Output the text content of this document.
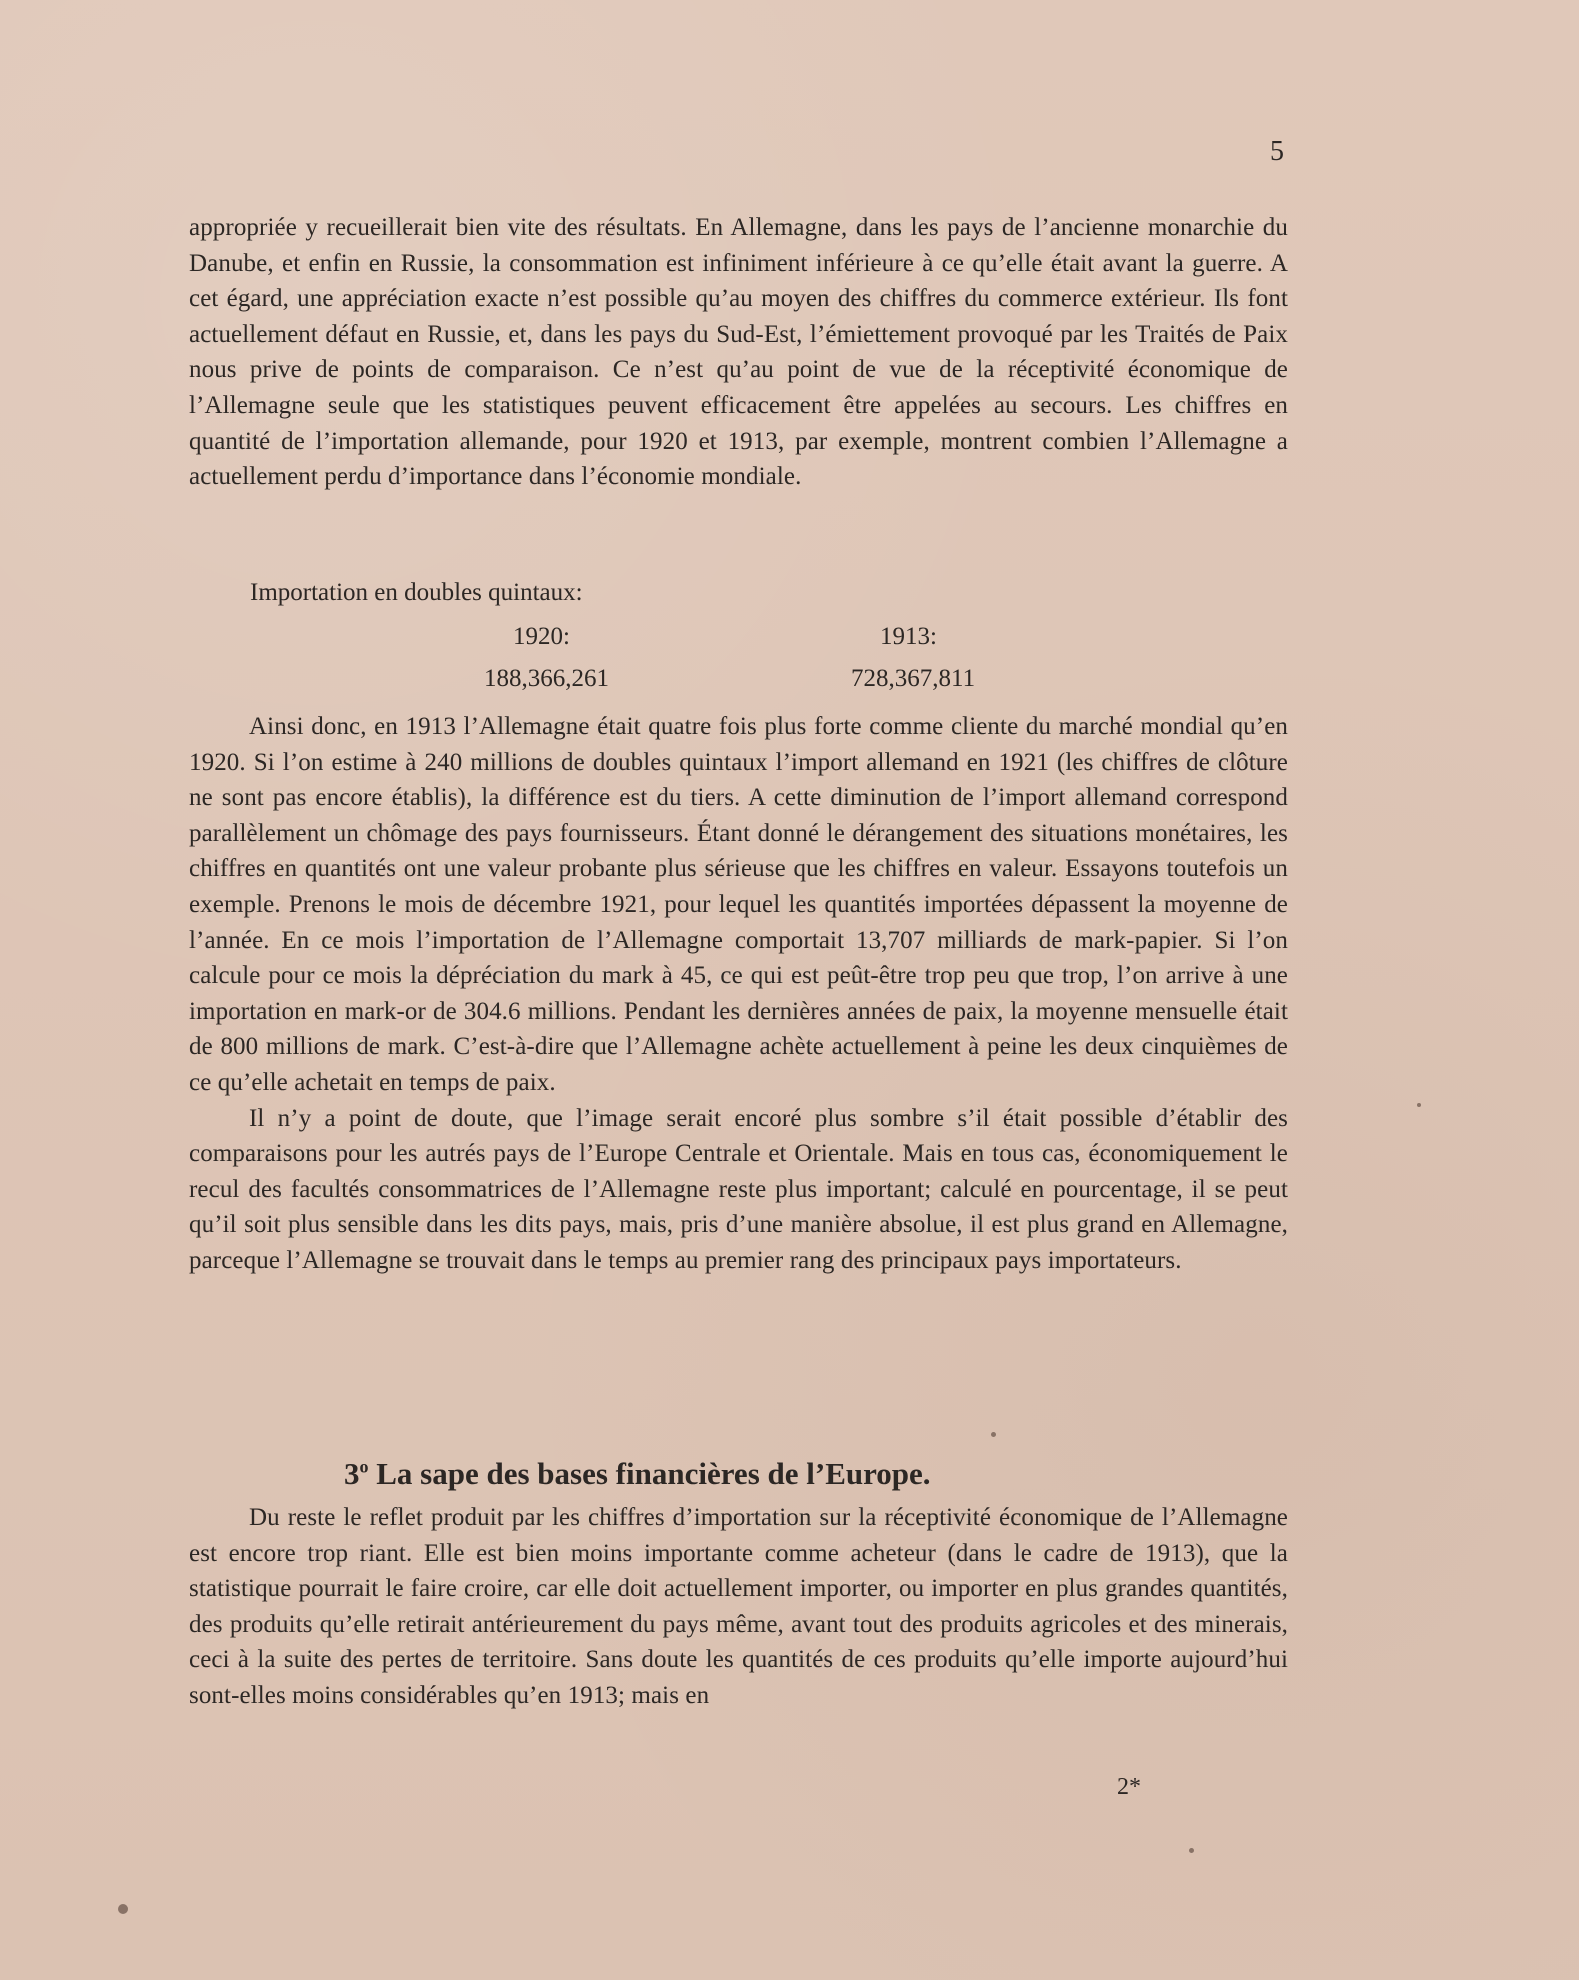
5

appropriée y recueillerait bien vite des résultats. En Allemagne, dans les pays de l’ancienne monarchie du Danube, et enfin en Russie, la consommation est infiniment inférieure à ce qu’elle était avant la guerre. A cet égard, une appréciation exacte n’est possible qu’au moyen des chiffres du commerce extérieur. Ils font actuellement défaut en Russie, et, dans les pays du Sud-Est, l’émiettement provoqué par les Traités de Paix nous prive de points de comparaison. Ce n’est qu’au point de vue de la réceptivité économique de l’Allemagne seule que les statistiques peuvent efficacement être appelées au secours. Les chiffres en quantité de l’importation allemande, pour 1920 et 1913, par exemple, montrent combien l’Allemagne a actuellement perdu d’importance dans l’économie mondiale.

Importation en doubles quintaux:
1920:	1913:
188,366,261	728,367,811

Ainsi donc, en 1913 l’Allemagne était quatre fois plus forte comme cliente du marché mondial qu’en 1920. Si l’on estime à 240 millions de doubles quintaux l’import allemand en 1921 (les chiffres de clôture ne sont pas encore établis), la différence est du tiers. A cette diminution de l’import allemand correspond parallèlement un chômage des pays fournisseurs. Étant donné le dérangement des situations monétaires, les chiffres en quantités ont une valeur probante plus sérieuse que les chiffres en valeur. Essayons toutefois un exemple. Prenons le mois de décembre 1921, pour lequel les quantités importées dépassent la moyenne de l’année. En ce mois l’importation de l’Allemagne comportait 13,707 milliards de mark-papier. Si l’on calcule pour ce mois la dépréciation du mark à 45, ce qui est peût-être trop peu que trop, l’on arrive à une importation en mark-or de 304.6 millions. Pendant les dernières années de paix, la moyenne mensuelle était de 800 millions de mark. C’est-à-dire que l’Allemagne achète actuellement à peine les deux cinquièmes de ce qu’elle achetait en temps de paix.

Il n’y a point de doute, que l’image serait encoré plus sombre s’il était possible d’établir des comparaisons pour les autrés pays de l’Europe Centrale et Orientale. Mais en tous cas, économiquement le recul des facultés consommatrices de l’Allemagne reste plus important; calculé en pourcentage, il se peut qu’il soit plus sensible dans les dits pays, mais, pris d’une manière absolue, il est plus grand en Allemagne, parceque l’Allemagne se trouvait dans le temps au premier rang des principaux pays importateurs.

3$^o$ La sape des bases financières de l’Europe.

Du reste le reflet produit par les chiffres d’importation sur la réceptivité économique de l’Allemagne est encore trop riant. Elle est bien moins importante comme acheteur (dans le cadre de 1913), que la statistique pourrait le faire croire, car elle doit actuellement importer, ou importer en plus grandes quantités, des produits qu’elle retirait antérieurement du pays même, avant tout des produits agricoles et des minerais, ceci à la suite des pertes de territoire. Sans doute les quantités de ces produits qu’elle importe aujourd’hui sont-elles moins considérables qu’en 1913; mais en

2*
